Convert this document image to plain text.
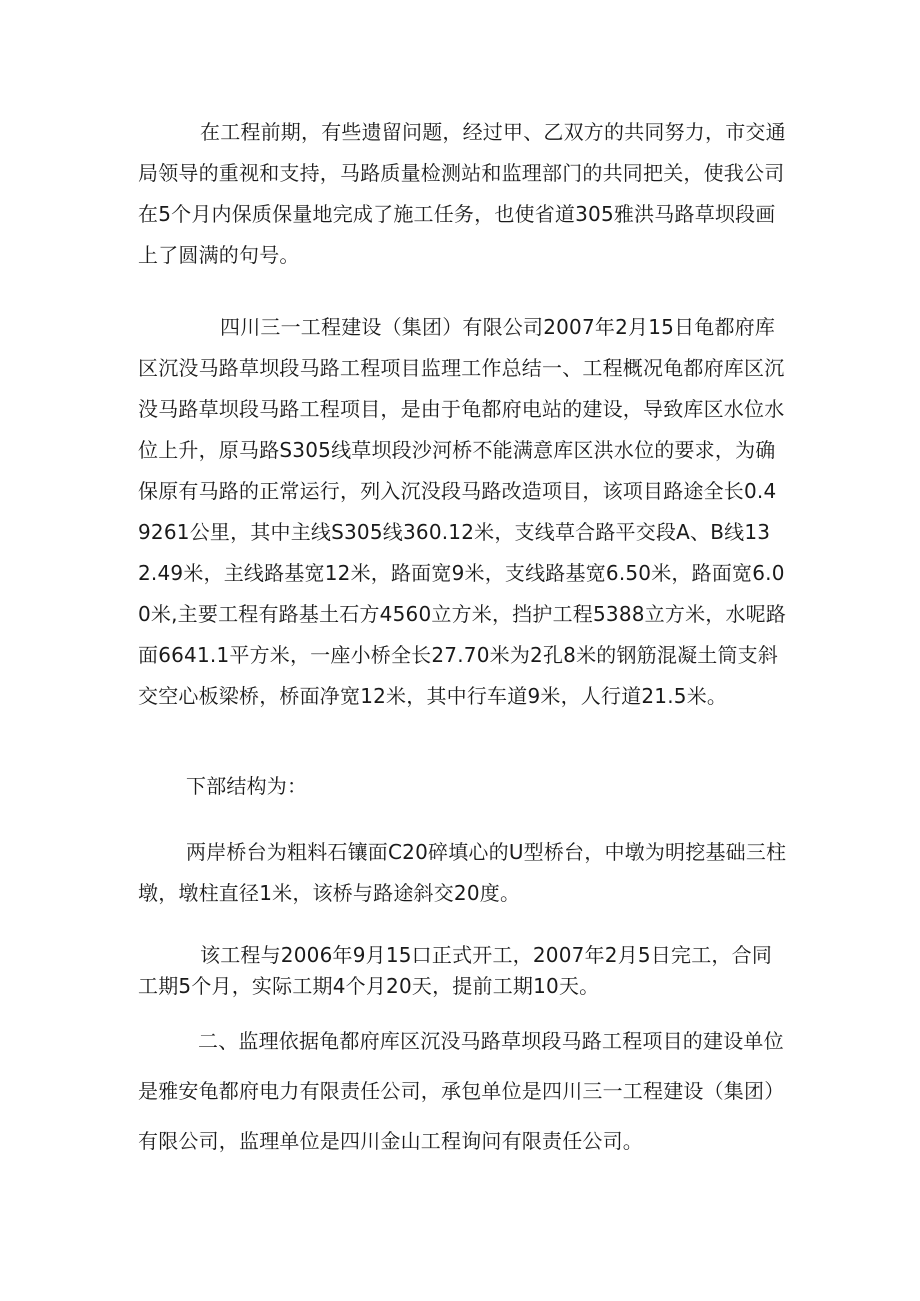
在工程前期，有些遗留问题，经过甲、乙双方的共同努力，市交通局领导的重视和支持，马路质量检测站和监理部门的共同把关，使我公司在5个月内保质保量地完成了施工任务，也使省道305雅洪马路草坝段画上了圆满的句号。

四川三一工程建设（集团）有限公司2007年2月15日龟都府库区沉没马路草坝段马路工程项目监理工作总结一、工程概况龟都府库区沉没马路草坝段马路工程项目，是由于龟都府电站的建设，导致库区水位水位上升，原马路S305线草坝段沙河桥不能满意库区洪水位的要求，为确保原有马路的正常运行，列入沉没段马路改造项目，该项目路途全长0.49261公里，其中主线S305线360.12米，支线草合路平交段A、B线132.49米，主线路基宽12米，路面宽9米，支线路基宽6.50米，路面宽6.00米,主要工程有路基土石方4560立方米，挡护工程5388立方米，水呢路面6641.1平方米，一座小桥全长27.70米为2孔8米的钢筋混凝土筒支斜交空心板梁桥，桥面净宽12米，其中行车道9米，人行道21.5米。

下部结构为：

两岸桥台为粗料石镶面C20碎填心的U型桥台，中墩为明挖基础三柱墩，墩柱直径1米，该桥与路途斜交20度。

该工程与2006年9月15口正式开工，2007年2月5日完工，合同工期5个月，实际工期4个月20天，提前工期10天。

二、监理依据龟都府库区沉没马路草坝段马路工程项目的建设单位是雅安龟都府电力有限责任公司，承包单位是四川三一工程建设（集团）有限公司，监理单位是四川金山工程询问有限责任公司。
